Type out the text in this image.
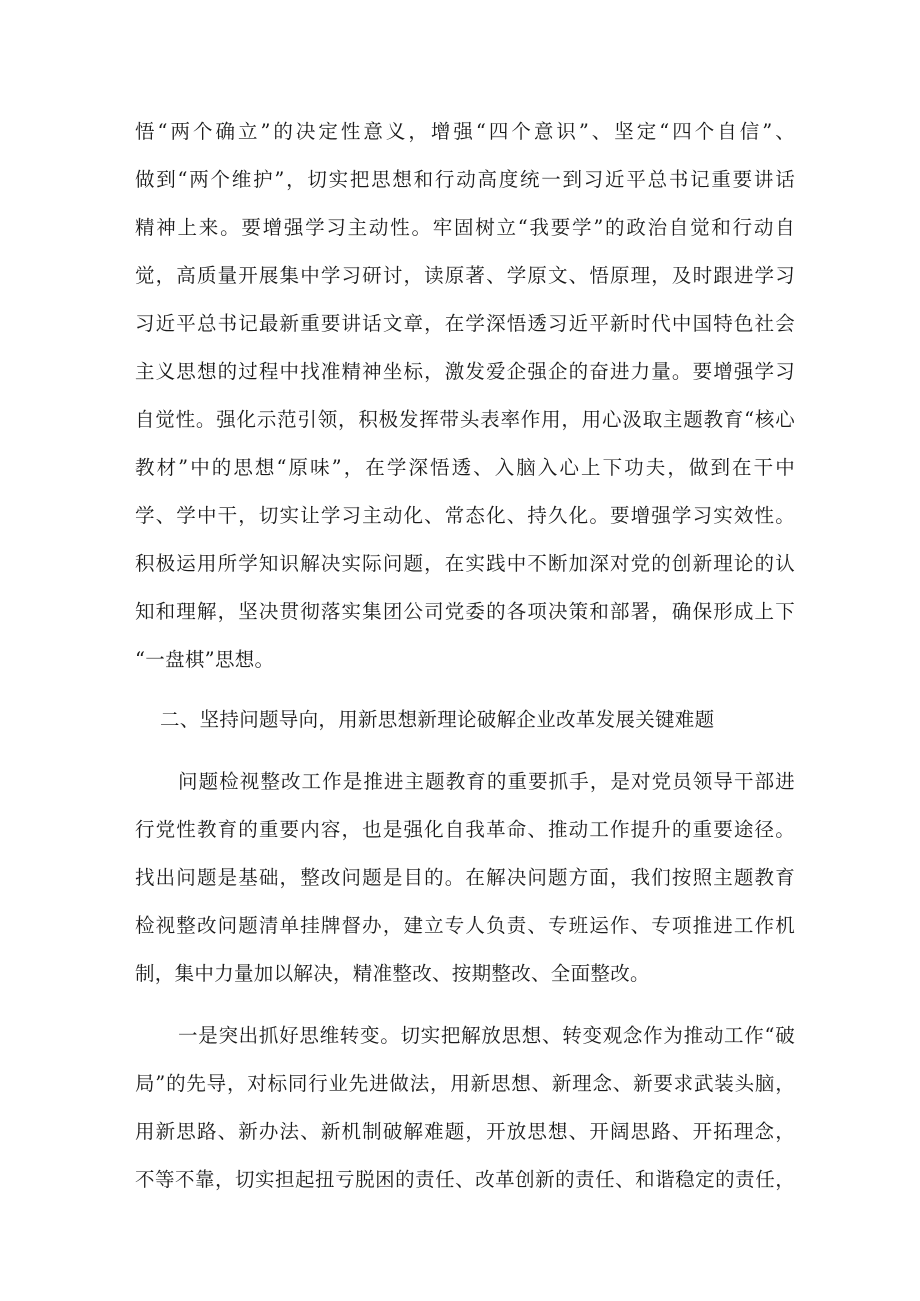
悟“两个确立”的决定性意义，增强“四个意识”、坚定“四个自信”、
做到“两个维护”，切实把思想和行动高度统一到习近平总书记重要讲话
精神上来。要增强学习主动性。牢固树立“我要学”的政治自觉和行动自
觉，高质量开展集中学习研讨，读原著、学原文、悟原理，及时跟进学习
习近平总书记最新重要讲话文章，在学深悟透习近平新时代中国特色社会
主义思想的过程中找准精神坐标，激发爱企强企的奋进力量。要增强学习
自觉性。强化示范引领，积极发挥带头表率作用，用心汲取主题教育“核心
教材”中的思想“原味”，在学深悟透、入脑入心上下功夫，做到在干中
学、学中干，切实让学习主动化、常态化、持久化。要增强学习实效性。
积极运用所学知识解决实际问题，在实践中不断加深对党的创新理论的认
知和理解，坚决贯彻落实集团公司党委的各项决策和部署，确保形成上下
“一盘棋”思想。
二、坚持问题导向，用新思想新理论破解企业改革发展关键难题
问题检视整改工作是推进主题教育的重要抓手，是对党员领导干部进
行党性教育的重要内容，也是强化自我革命、推动工作提升的重要途径。
找出问题是基础，整改问题是目的。在解决问题方面，我们按照主题教育
检视整改问题清单挂牌督办，建立专人负责、专班运作、专项推进工作机
制，集中力量加以解决，精准整改、按期整改、全面整改。
一是突出抓好思维转变。切实把解放思想、转变观念作为推动工作“破
局”的先导，对标同行业先进做法，用新思想、新理念、新要求武装头脑，
用新思路、新办法、新机制破解难题，开放思想、开阔思路、开拓理念，
不等不靠，切实担起扭亏脱困的责任、改革创新的责任、和谐稳定的责任，
